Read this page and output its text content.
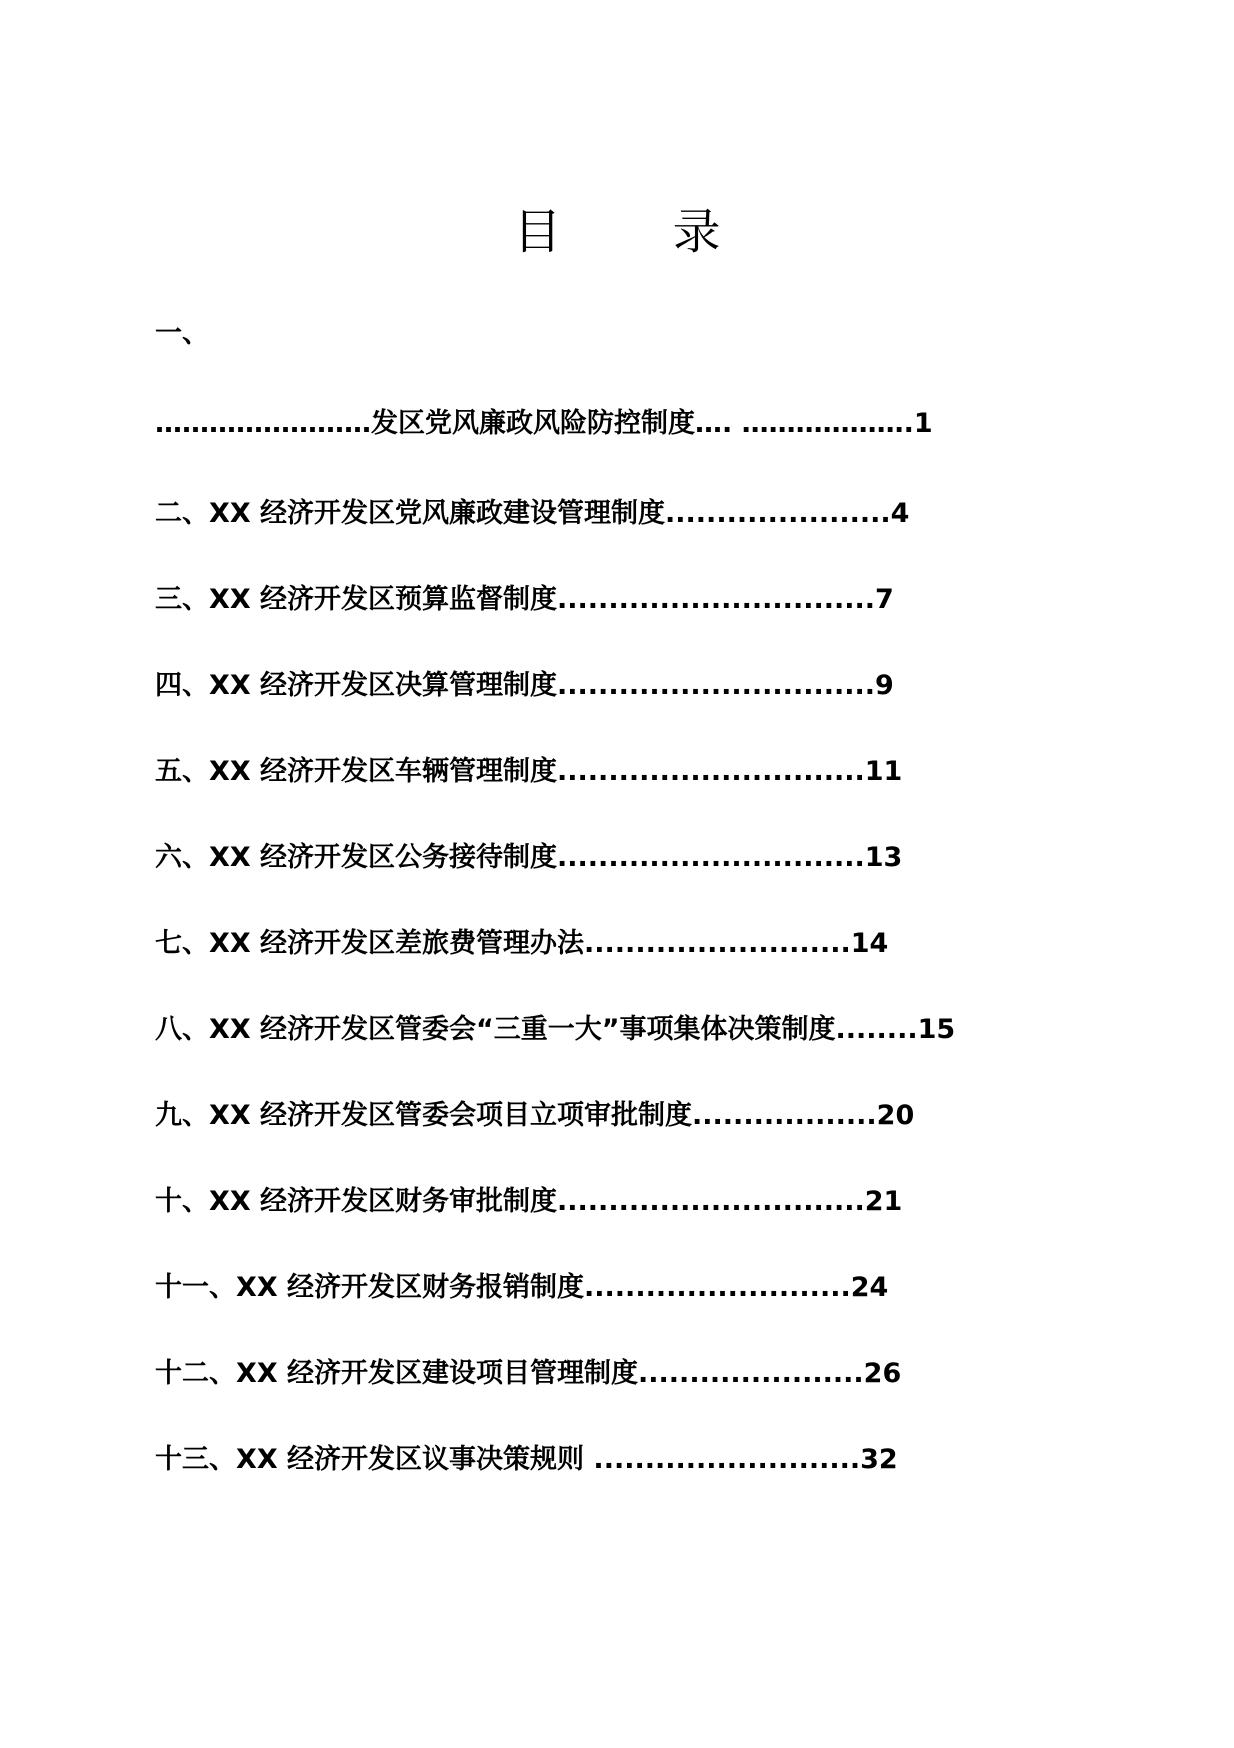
目 录
一、
……………………发区党风廉政风险防控制度…. ……………….1
二、XX 经济开发区党风廉政建设管理制度......................4
三、XX 经济开发区预算监督制度...............................7
四、XX 经济开发区决算管理制度...............................9
五、XX 经济开发区车辆管理制度..............................11
六、XX 经济开发区公务接待制度..............................13
七、XX 经济开发区差旅费管理办法..........................14
八、XX 经济开发区管委会“三重一大”事项集体决策制度........15
九、XX 经济开发区管委会项目立项审批制度..................20
十、XX 经济开发区财务审批制度..............................21
十一、XX 经济开发区财务报销制度..........................24
十二、XX 经济开发区建设项目管理制度......................26
十三、XX 经济开发区议事决策规则 ..........................32
